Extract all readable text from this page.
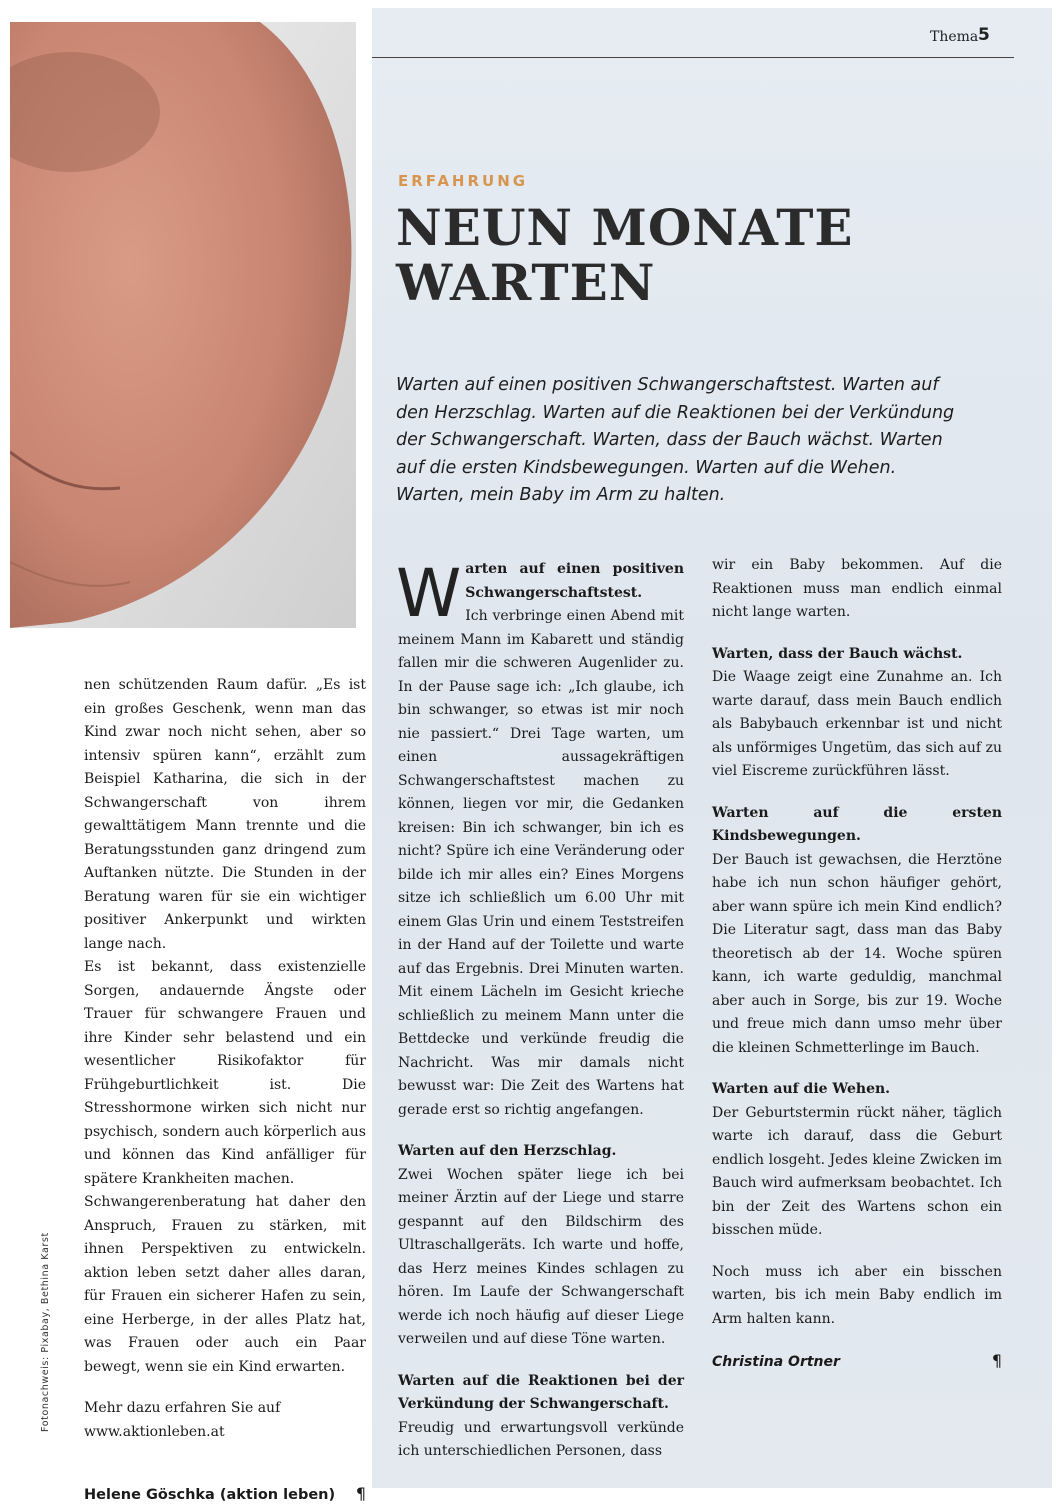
Thema 5
ERFAHRUNG
NEUN MONATE WARTEN

Warten auf einen positiven Schwangerschaftstest. Warten auf den Herzschlag. Warten auf die Reaktionen bei der Verkündung der Schwangerschaft. Warten, dass der Bauch wächst. Warten auf die ersten Kindsbewegungen. Warten auf die Wehen. Warten, mein Baby im Arm zu halten.

nen schützenden Raum dafür. „Es ist ein großes Geschenk, wenn man das Kind zwar noch nicht sehen, aber so intensiv spüren kann“, erzählt zum Beispiel Katharina, die sich in der Schwangerschaft von ihrem gewalttätigem Mann trennte und die Beratungsstunden ganz dringend zum Auftanken nützte. Die Stunden in der Beratung waren für sie ein wichtiger positiver Ankerpunkt und wirkten lange nach.

Es ist bekannt, dass existenzielle Sorgen, andauernde Ängste oder Trauer für schwangere Frauen und ihre Kinder sehr belastend und ein wesentlicher Risikofaktor für Frühgeburtlichkeit ist. Die Stresshormone wirken sich nicht nur psychisch, sondern auch körperlich aus und können das Kind anfälliger für spätere Krankheiten machen.

Schwangerenberatung hat daher den Anspruch, Frauen zu stärken, mit ihnen Perspektiven zu entwickeln. aktion leben setzt daher alles daran, für Frauen ein sicherer Hafen zu sein, eine Herberge, in der alles Platz hat, was Frauen oder auch ein Paar bewegt, wenn sie ein Kind erwarten.

Mehr dazu erfahren Sie auf

www.aktionleben.at

Helene Göschka (aktion leben) ¶
W arten auf einen positiven Schwangerschaftstest.

Ich verbringe einen Abend mit meinem Mann im Kabarett und ständig fallen mir die schweren Augenlider zu. In der Pause sage ich: „Ich glaube, ich bin schwanger, so etwas ist mir noch nie passiert.“ Drei Tage warten, um einen aussagekräftigen Schwangerschaftstest machen zu können, liegen vor mir, die Gedanken kreisen: Bin ich schwanger, bin ich es nicht? Spüre ich eine Veränderung oder bilde ich mir alles ein? Eines Morgens sitze ich schließlich um 6.00 Uhr mit einem Glas Urin und einem Teststreifen in der Hand auf der Toilette und warte auf das Ergebnis. Drei Minuten warten. Mit einem Lächeln im Gesicht krieche schließlich zu meinem Mann unter die Bettdecke und verkünde freudig die Nachricht. Was mir damals nicht bewusst war: Die Zeit des Wartens hat gerade erst so richtig angefangen.

Warten auf den Herzschlag.

Zwei Wochen später liege ich bei meiner Ärztin auf der Liege und starre gespannt auf den Bildschirm des Ultraschallgeräts. Ich warte und hoffe, das Herz meines Kindes schlagen zu hören. Im Laufe der Schwangerschaft werde ich noch häufig auf dieser Liege verweilen und auf diese Töne warten.

Warten auf die Reaktionen bei der Verkündung der Schwangerschaft.

Freudig und erwartungsvoll verkünde ich unterschiedlichen Personen, dass

wir ein Baby bekommen. Auf die Reaktionen muss man endlich einmal nicht lange warten.

Warten, dass der Bauch wächst.

Die Waage zeigt eine Zunahme an. Ich warte darauf, dass mein Bauch endlich als Babybauch erkennbar ist und nicht als unförmiges Ungetüm, das sich auf zu viel Eiscreme zurückführen lässt.

Warten auf die ersten Kindsbewegungen.

Der Bauch ist gewachsen, die Herztöne habe ich nun schon häufiger gehört, aber wann spüre ich mein Kind endlich? Die Literatur sagt, dass man das Baby theoretisch ab der 14. Woche spüren kann, ich warte geduldig, manchmal aber auch in Sorge, bis zur 19. Woche und freue mich dann umso mehr über die kleinen Schmetterlinge im Bauch.

Warten auf die Wehen.

Der Geburtstermin rückt näher, täglich warte ich darauf, dass die Geburt endlich losgeht. Jedes kleine Zwicken im Bauch wird aufmerksam beobachtet. Ich bin der Zeit des Wartens schon ein bisschen müde.

Noch muss ich aber ein bisschen warten, bis ich mein Baby endlich im Arm halten kann.

Christina Ortner	¶
Fotonachweis: Pixabay, Bethina Karst
